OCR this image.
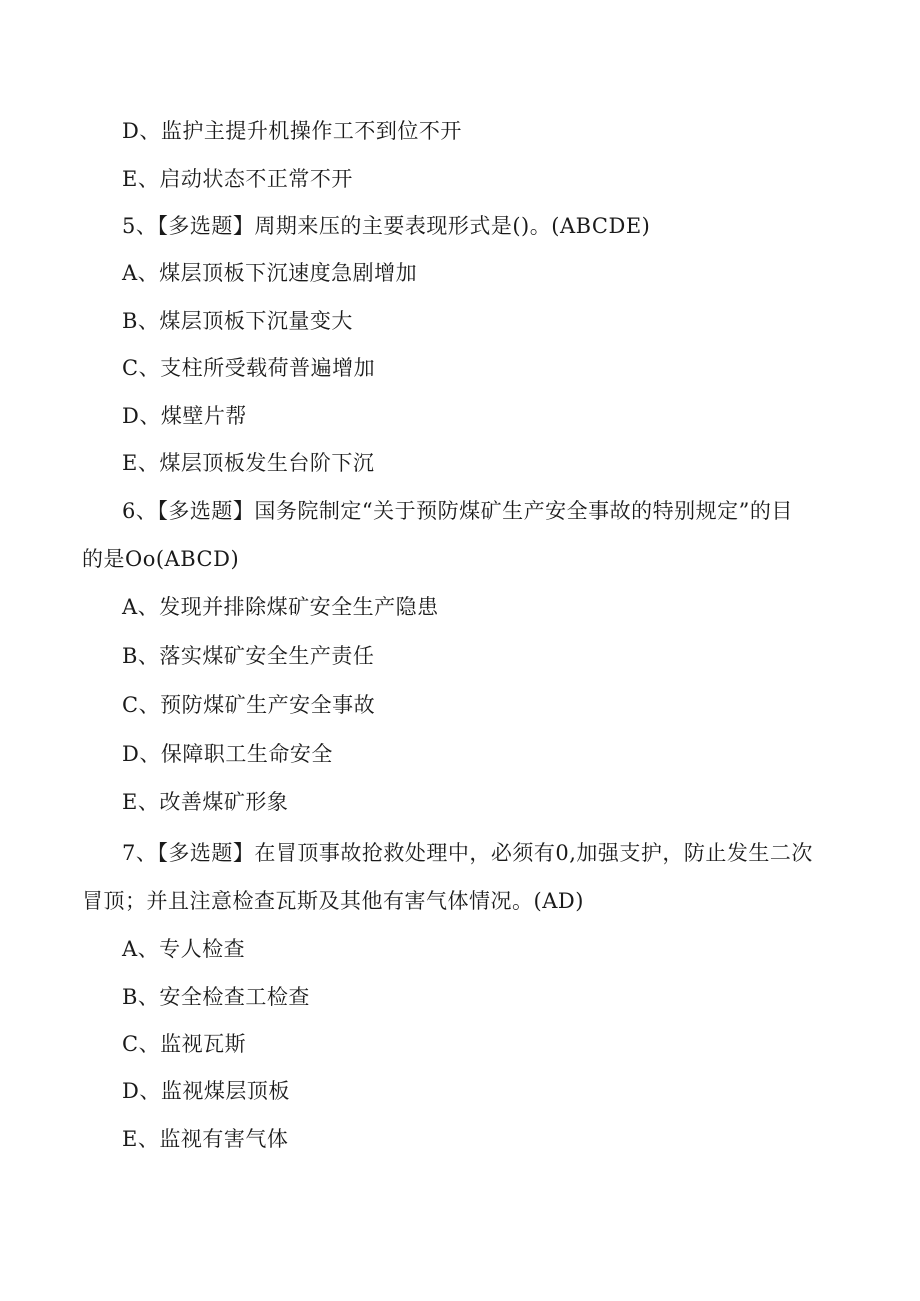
D、监护主提升机操作工不到位不开
E、启动状态不正常不开
5、【多选题】周期来压的主要表现形式是()。(ABCDE)
A、煤层顶板下沉速度急剧增加
B、煤层顶板下沉量变大
C、支柱所受载荷普遍增加
D、煤壁片帮
E、煤层顶板发生台阶下沉
6、【多选题】国务院制定“关于预防煤矿生产安全事故的特别规定”的目
的是Oo(ABCD)
A、发现并排除煤矿安全生产隐患
B、落实煤矿安全生产责任
C、预防煤矿生产安全事故
D、保障职工生命安全
E、改善煤矿形象
7、【多选题】在冒顶事故抢救处理中，必须有0,加强支护，防止发生二次
冒顶；并且注意检查瓦斯及其他有害气体情况。(AD)
A、专人检查
B、安全检查工检查
C、监视瓦斯
D、监视煤层顶板
E、监视有害气体
